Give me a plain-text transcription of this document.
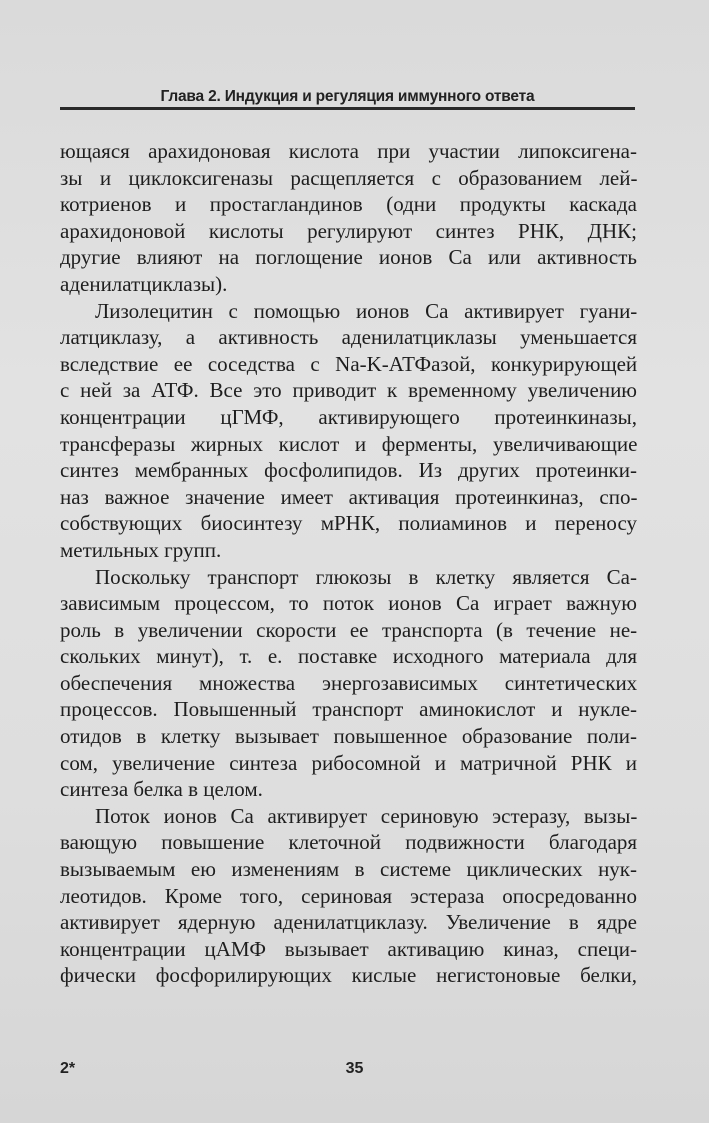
Глава 2. Индукция и регуляция иммунного ответа
ющаяся арахидоновая кислота при участии липоксигена-
зы и циклоксигеназы расщепляется с образованием лей-
котриенов и простагландинов (одни продукты каскада
арахидоновой кислоты регулируют синтез РНК, ДНК;
другие влияют на поглощение ионов Са или активность
аденилатциклазы).
Лизолецитин с помощью ионов Са активирует гуани-
латциклазу, а активность аденилатциклазы уменьшается
вследствие ее соседства с Na-K-АТФазой, конкурирующей
с ней за АТФ. Все это приводит к временному увеличению
концентрации цГМФ, активирующего протеинкиназы,
трансферазы жирных кислот и ферменты, увеличивающие
синтез мембранных фосфолипидов. Из других протеинки-
наз важное значение имеет активация протеинкиназ, спо-
собствующих биосинтезу мРНК, полиаминов и переносу
метильных групп.
Поскольку транспорт глюкозы в клетку является Са-
зависимым процессом, то поток ионов Са играет важную
роль в увеличении скорости ее транспорта (в течение не-
скольких минут), т. е. поставке исходного материала для
обеспечения множества энергозависимых синтетических
процессов. Повышенный транспорт аминокислот и нукле-
отидов в клетку вызывает повышенное образование поли-
сом, увеличение синтеза рибосомной и матричной РНК и
синтеза белка в целом.
Поток ионов Са активирует сериновую эстеразу, вызы-
вающую повышение клеточной подвижности благодаря
вызываемым ею изменениям в системе циклических нук-
леотидов. Кроме того, сериновая эстераза опосредованно
активирует ядерную аденилатциклазу. Увеличение в ядре
концентрации цАМФ вызывает активацию киназ, специ-
фически фосфорилирующих кислые негистоновые белки,
2*	35
